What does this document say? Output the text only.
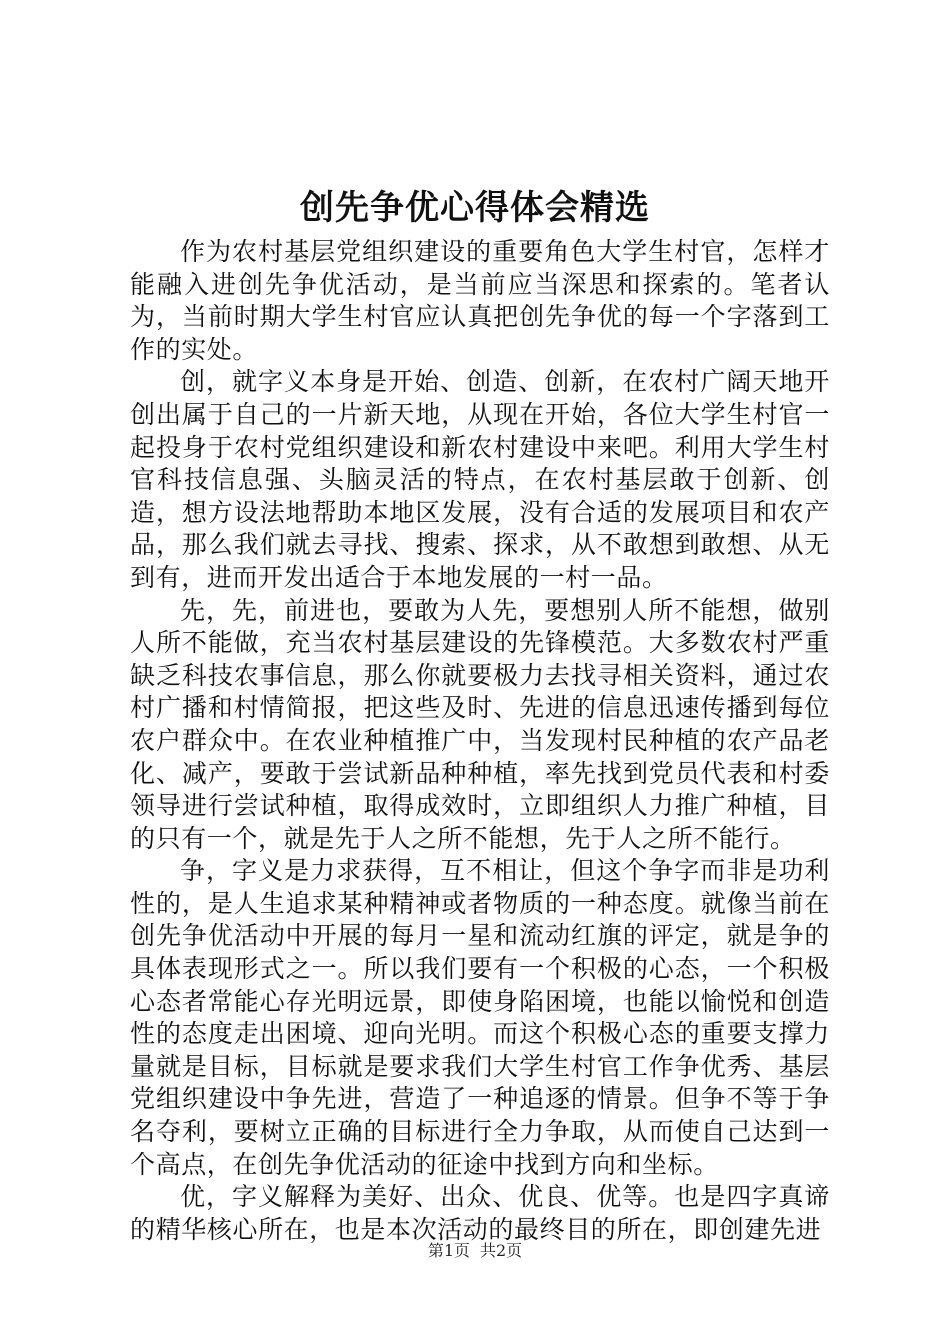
创先争优心得体会精选

作为农村基层党组织建设的重要角色大学生村官，怎样才能融入进创先争优活动，是当前应当深思和探索的。笔者认为，当前时期大学生村官应认真把创先争优的每一个字落到工作的实处。

创，就字义本身是开始、创造、创新，在农村广阔天地开创出属于自己的一片新天地，从现在开始，各位大学生村官一起投身于农村党组织建设和新农村建设中来吧。利用大学生村官科技信息强、头脑灵活的特点，在农村基层敢于创新、创造，想方设法地帮助本地区发展，没有合适的发展项目和农产品，那么我们就去寻找、搜索、探求，从不敢想到敢想、从无到有，进而开发出适合于本地发展的一村一品。

先，先，前进也，要敢为人先，要想别人所不能想，做别人所不能做，充当农村基层建设的先锋模范。大多数农村严重缺乏科技农事信息，那么你就要极力去找寻相关资料，通过农村广播和村情简报，把这些及时、先进的信息迅速传播到每位农户群众中。在农业种植推广中，当发现村民种植的农产品老化、减产，要敢于尝试新品种种植，率先找到党员代表和村委领导进行尝试种植，取得成效时，立即组织人力推广种植，目的只有一个，就是先于人之所不能想，先于人之所不能行。

争，字义是力求获得，互不相让，但这个争字而非是功利性的，是人生追求某种精神或者物质的一种态度。就像当前在创先争优活动中开展的每月一星和流动红旗的评定，就是争的具体表现形式之一。所以我们要有一个积极的心态，一个积极心态者常能心存光明远景，即使身陷困境，也能以愉悦和创造性的态度走出困境、迎向光明。而这个积极心态的重要支撑力量就是目标，目标就是要求我们大学生村官工作争优秀、基层党组织建设中争先进，营造了一种追逐的情景。但争不等于争名夺利，要树立正确的目标进行全力争取，从而使自己达到一个高点，在创先争优活动的征途中找到方向和坐标。

优，字义解释为美好、出众、优良、优等。也是四字真谛的精华核心所在，也是本次活动的最终目的所在，即创建先进

第1页 共2页
